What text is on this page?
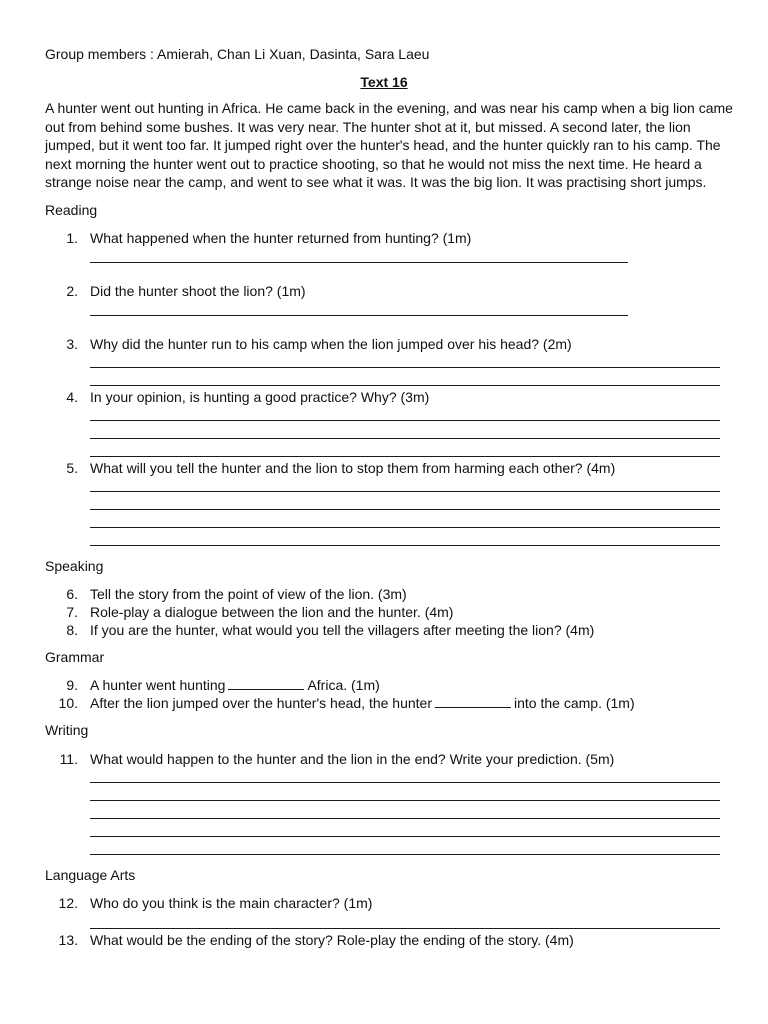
Group members : Amierah, Chan Li Xuan, Dasinta, Sara Laeu
Text 16
A hunter went out hunting in Africa. He came back in the evening, and was near his camp when a big lion came out from behind some bushes. It was very near. The hunter shot at it, but missed. A second later, the lion jumped, but it went too far. It jumped right over the hunter's head, and the hunter quickly ran to his camp. The next morning the hunter went out to practice shooting, so that he would not miss the next time. He heard a strange noise near the camp, and went to see what it was. It was the big lion. It was practising short jumps.
Reading
1. What happened when the hunter returned from hunting? (1m)
2. Did the hunter shoot the lion? (1m)
3. Why did the hunter run to his camp when the lion jumped over his head? (2m)
4. In your opinion, is hunting a good practice? Why? (3m)
5. What will you tell the hunter and the lion to stop them from harming each other? (4m)
Speaking
6. Tell the story from the point of view of the lion. (3m)
7. Role-play a dialogue between the lion and the hunter. (4m)
8. If you are the hunter, what would you tell the villagers after meeting the lion? (4m)
Grammar
9. A hunter went hunting	Africa. (1m)
10. After the lion jumped over the hunter's head, the hunter	into the camp. (1m)
Writing
11. What would happen to the hunter and the lion in the end? Write your prediction. (5m)
Language Arts
12. Who do you think is the main character? (1m)
13. What would be the ending of the story? Role-play the ending of the story. (4m)
